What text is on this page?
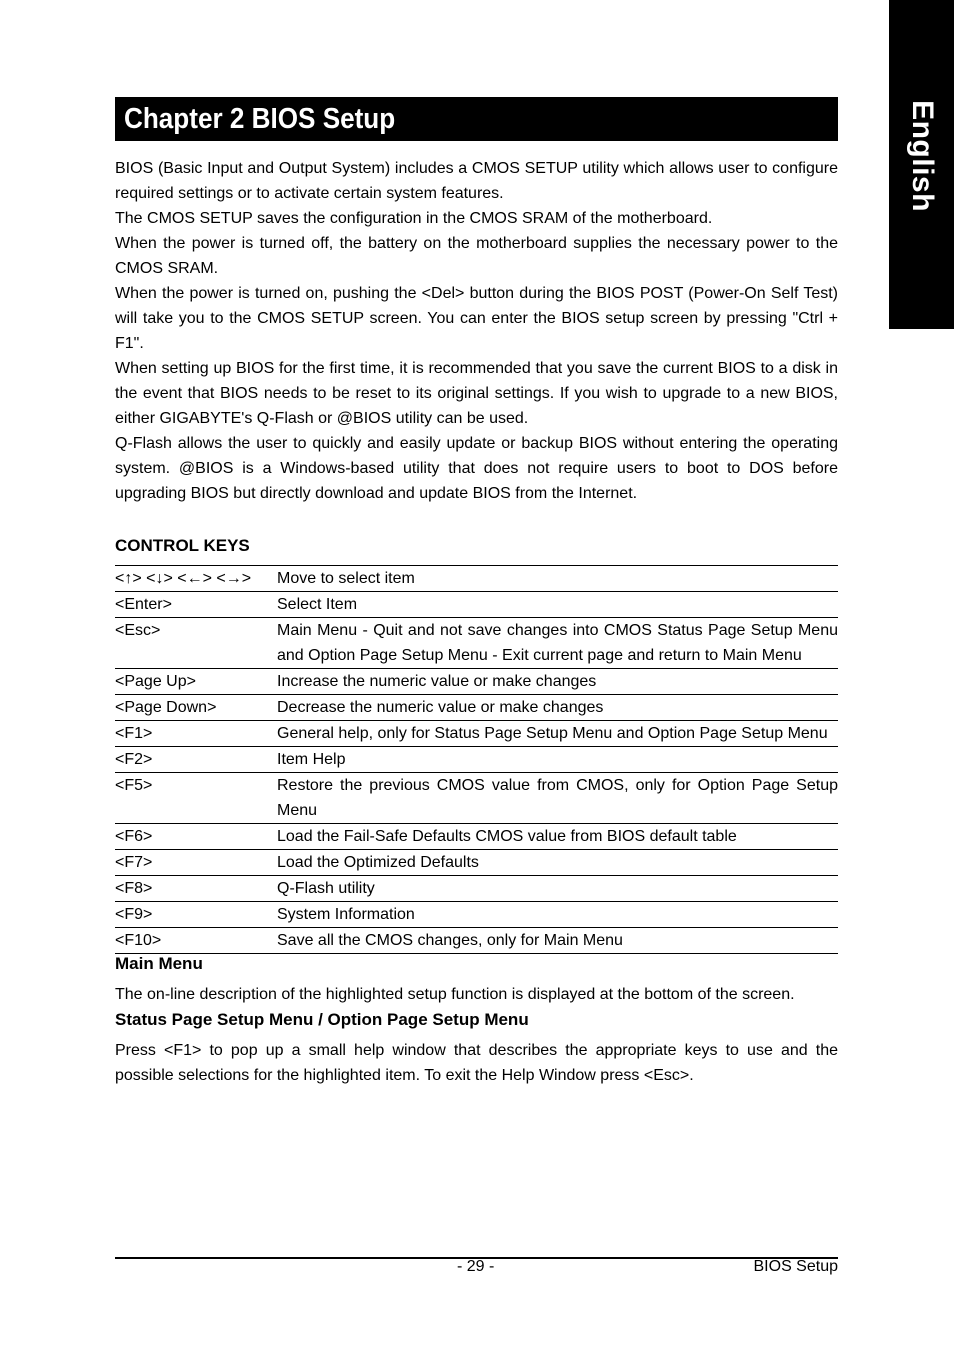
English
Chapter 2 BIOS Setup

BIOS (Basic Input and Output System) includes a CMOS SETUP utility which allows user to configure required settings or to activate certain system features.

The CMOS SETUP saves the configuration in the CMOS SRAM of the motherboard.

When the power is turned off, the battery on the motherboard supplies the necessary power to the CMOS SRAM.

When the power is turned on, pushing the <Del> button during the BIOS POST (Power-On Self Test) will take you to the CMOS SETUP screen. You can enter the BIOS setup screen by pressing "Ctrl + F1".

When setting up BIOS for the first time, it is recommended that you save the current BIOS to a disk in the event that BIOS needs to be reset to its original settings. If you wish to upgrade to a new BIOS, either GIGABYTE's Q-Flash or @BIOS utility can be used.

Q-Flash allows the user to quickly and easily update or backup BIOS without entering the operating system. @BIOS is a Windows-based utility that does not require users to boot to DOS before upgrading BIOS but directly download and update BIOS from the Internet.

CONTROL KEYS
<↑> <↓> <←> <→>	Move to select item
<Enter>	Select Item
<Esc>	Main Menu - Quit and not save changes into CMOS Status Page Setup Menu and Option Page Setup Menu - Exit current page and return to Main Menu
<Page Up>	Increase the numeric value or make changes
<Page Down>	Decrease the numeric value or make changes
<F1>	General help, only for Status Page Setup Menu and Option Page Setup Menu
<F2>	Item Help
<F5>	Restore the previous CMOS value from CMOS, only for Option Page Setup Menu
<F6>	Load the Fail-Safe Defaults CMOS value from BIOS default table
<F7>	Load the Optimized Defaults
<F8>	Q-Flash utility
<F9>	System Information
<F10>	Save all the CMOS changes, only for Main Menu
Main Menu
The on-line description of the highlighted setup function is displayed at the bottom of the screen.
Status Page Setup Menu / Option Page Setup Menu
Press <F1> to pop up a small help window that describes the appropriate keys to use and the possible selections for the highlighted item. To exit the Help Window press <Esc>.
- 29 -	BIOS Setup
